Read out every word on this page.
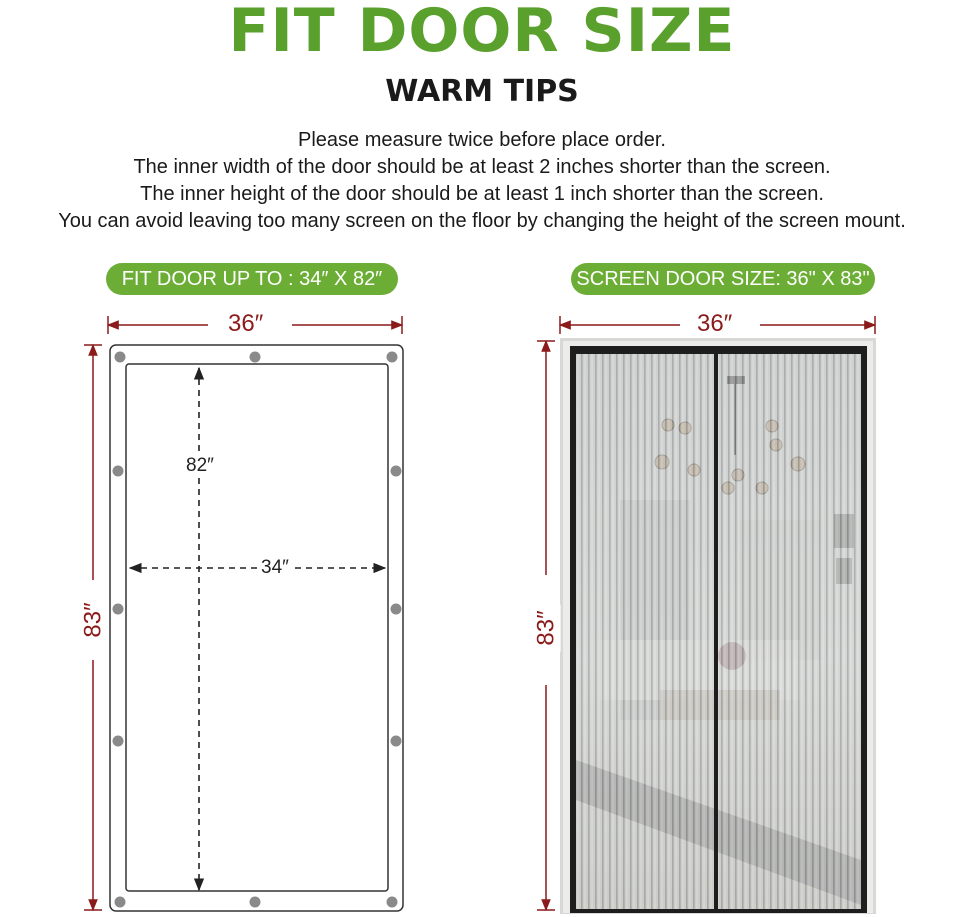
FIT DOOR SIZE
WARM TIPS
Please measure twice before place order.
The inner width of the door should be at least 2 inches shorter than the screen.
The inner height of the door should be at least 1 inch shorter than the screen.
You can avoid leaving too many screen on the floor by changing the height of the screen mount.
FIT DOOR UP TO : 34″ X 82″	SCREEN DOOR SIZE: 36" X 83"
36″
83″
82″
34″
36″
83″
